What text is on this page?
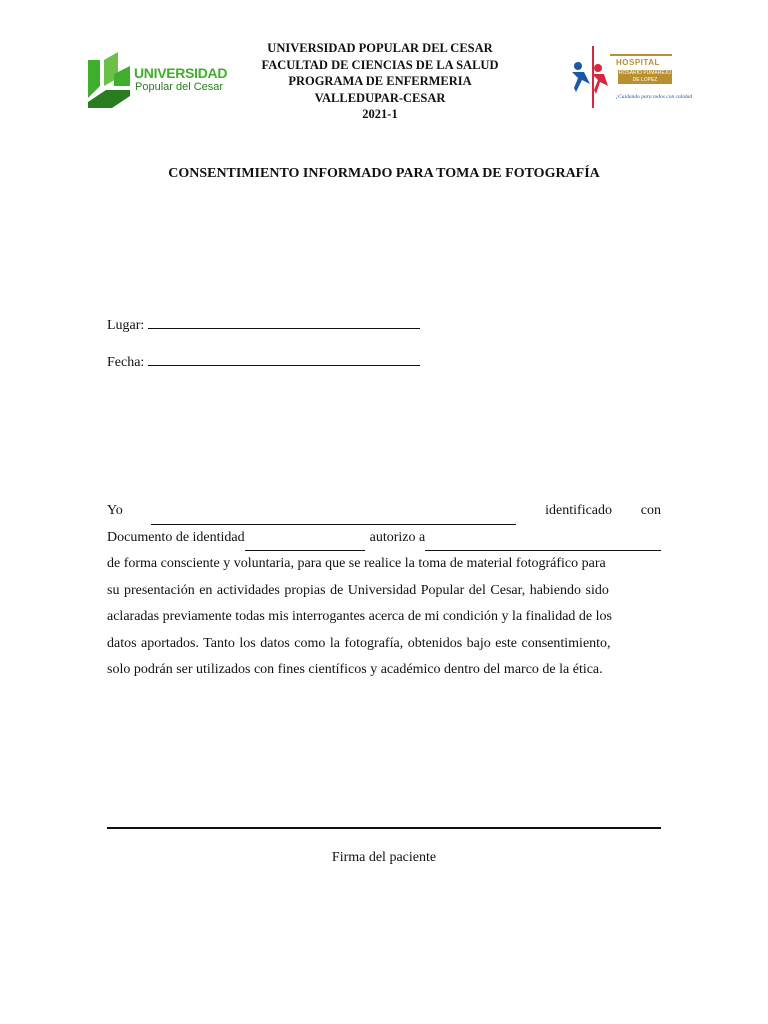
UNIVERSIDAD
Popular del Cesar
UNIVERSIDAD POPULAR DEL CESAR
FACULTAD DE CIENCIAS DE LA SALUD
PROGRAMA DE ENFERMERIA
VALLEDUPAR-CESAR
2021-1
HOSPITAL
ROSARIO PUMAREJO DE LOPEZ
¡Cuidando para todos con calidad
CONSENTIMIENTO INFORMADO PARA TOMA DE FOTOGRAFÍA
Lugar:
Fecha:
Yo	identificado con
Documento de identidad	autorizo a
de forma consciente y voluntaria, para que se realice la toma de material fotográfico para
su presentación en actividades propias de Universidad Popular del Cesar, habiendo sido
aclaradas previamente todas mis interrogantes acerca de mi condición y la finalidad de los
datos aportados. Tanto los datos como la fotografía, obtenidos bajo este consentimiento,
solo podrán ser utilizados con fines científicos y académico dentro del marco de la ética.
Firma del paciente
